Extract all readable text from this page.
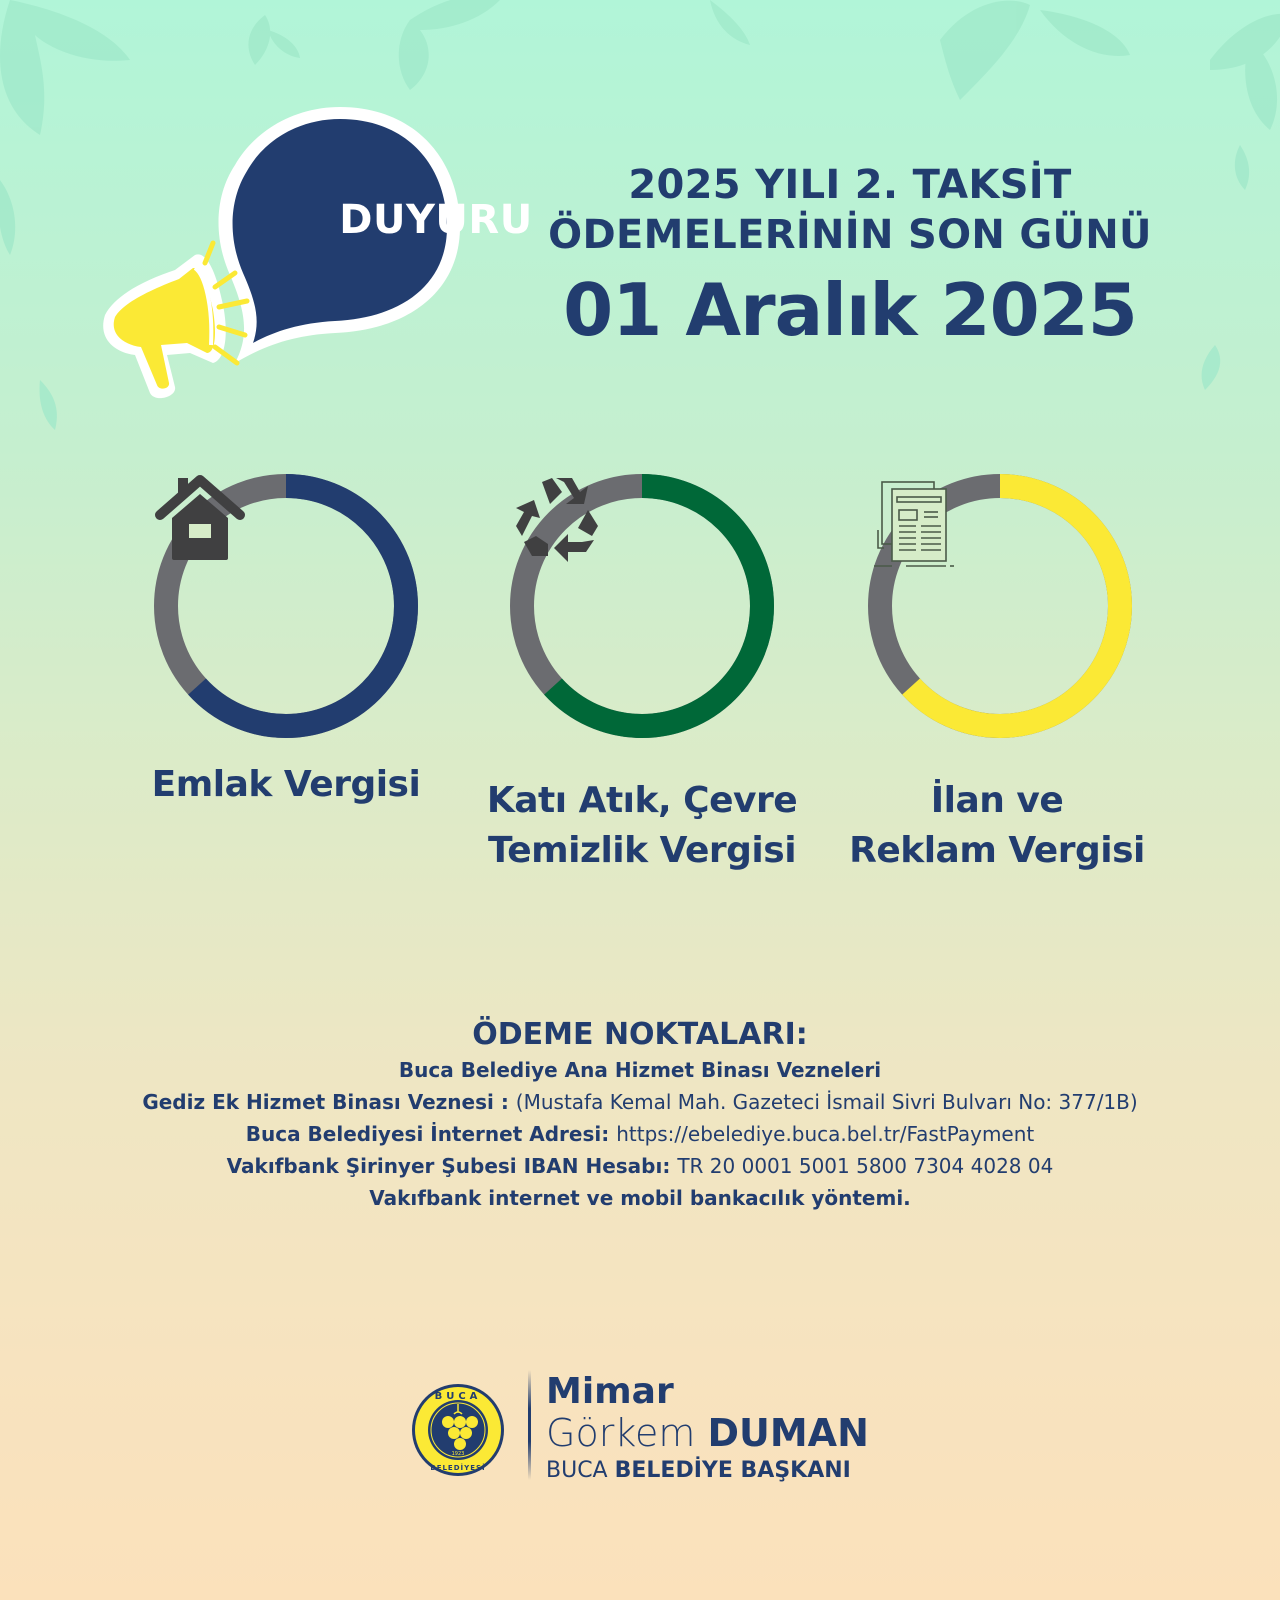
DUYURU
2025 YILI 2. TAKSİT
ÖDEMELERİNİN SON GÜNÜ
01 Aralık 2025
Emlak Vergisi	Katı Atık, Çevre
Temizlik Vergisi
İlan ve
Reklam Vergisi
ÖDEME NOKTALARI:
Buca Belediye Ana Hizmet Binası Vezneleri
Gediz Ek Hizmet Binası Veznesi : (Mustafa Kemal Mah. Gazeteci İsmail Sivri Bulvarı No: 377/1B)
Buca Belediyesi İnternet Adresi: https://ebelediye.buca.bel.tr/FastPayment
Vakıfbank Şirinyer Şubesi IBAN Hesabı: TR 20 0001 5001 5800 7304 4028 04
Vakıfbank internet ve mobil bankacılık yöntemi.
1923
BUCA
BELEDİYESİ
Mimar
Görkem DUMAN
BUCA BELEDİYE BAŞKANI
